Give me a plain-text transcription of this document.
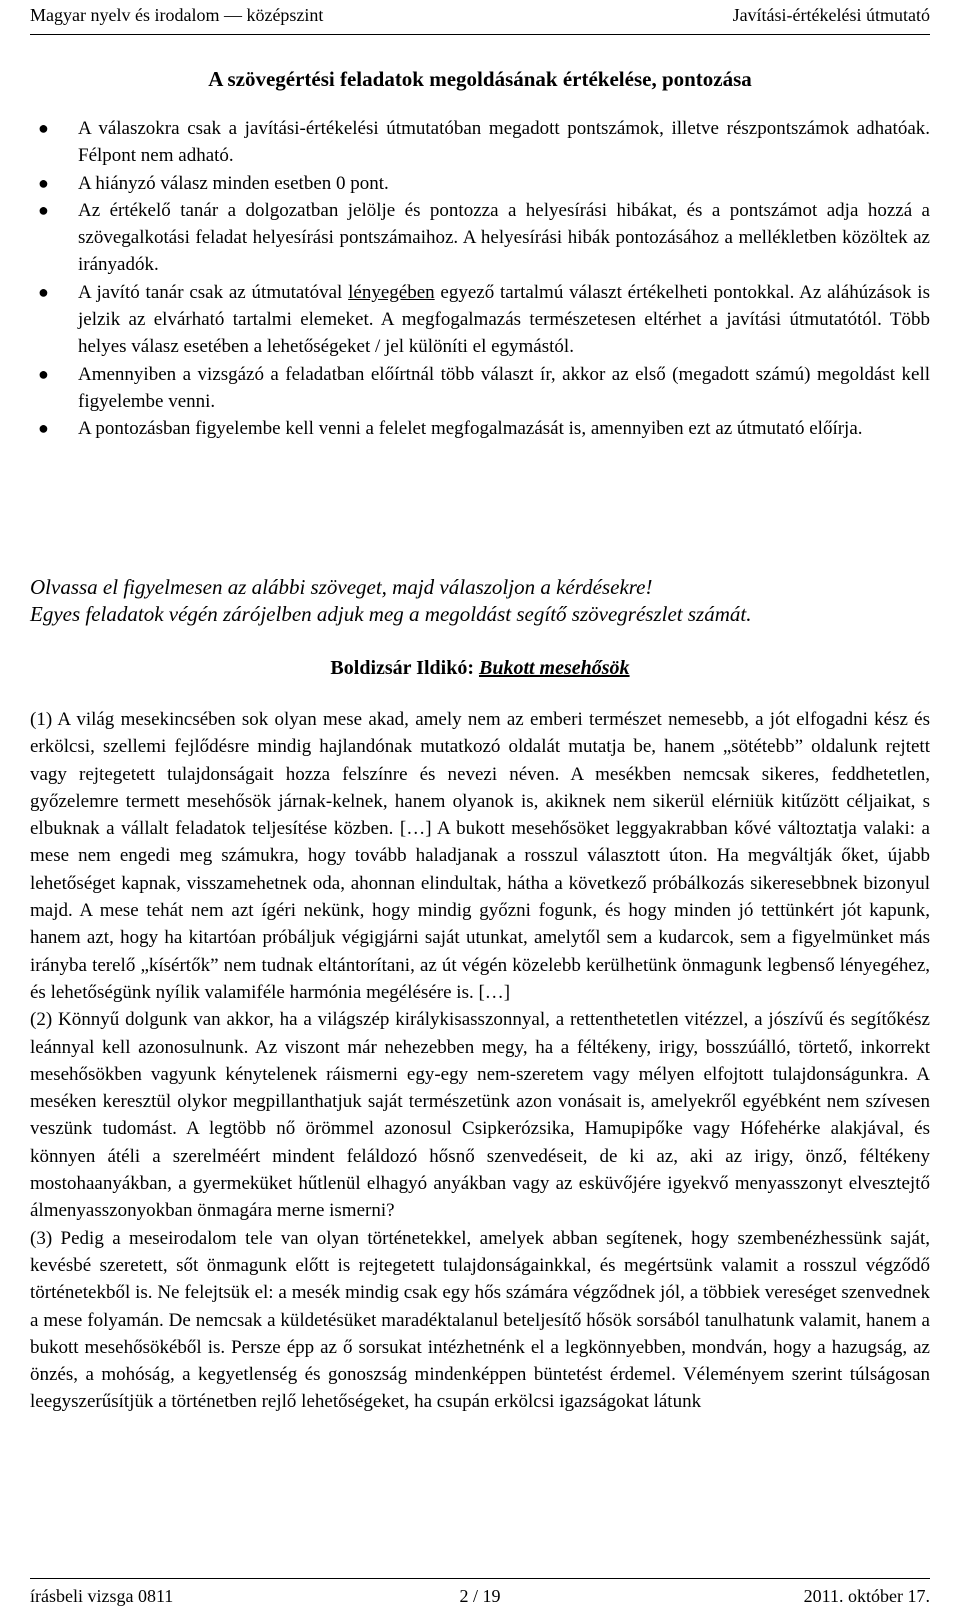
Magyar nyelv és irodalom — középszint	Javítási-értékelési útmutató
A szövegértési feladatok megoldásának értékelése, pontozása
● A válaszokra csak a javítási-értékelési útmutatóban megadott pontszámok, illetve részpontszámok adhatóak. Félpont nem adható.
● A hiányzó válasz minden esetben 0 pont.
● Az értékelő tanár a dolgozatban jelölje és pontozza a helyesírási hibákat, és a pontszámot adja hozzá a szövegalkotási feladat helyesírási pontszámaihoz. A helyesírási hibák pontozásához a mellékletben közöltek az irányadók.
● A javító tanár csak az útmutatóval lényegében egyező tartalmú választ értékelheti pontokkal. Az aláhúzások is jelzik az elvárható tartalmi elemeket. A megfogalmazás természetesen eltérhet a javítási útmutatótól. Több helyes válasz esetében a lehetőségeket / jel különíti el egymástól.
● Amennyiben a vizsgázó a feladatban előírtnál több választ ír, akkor az első (megadott számú) megoldást kell figyelembe venni.
● A pontozásban figyelembe kell venni a felelet megfogalmazását is, amennyiben ezt az útmutató előírja.
Olvassa el figyelmesen az alábbi szöveget, majd válaszoljon a kérdésekre!
Egyes feladatok végén zárójelben adjuk meg a megoldást segítő szövegrészlet számát.
Boldizsár Ildikó: Bukott mesehősök

(1) A világ mesekincsében sok olyan mese akad, amely nem az emberi természet nemesebb, a jót elfogadni kész és erkölcsi, szellemi fejlődésre mindig hajlandónak mutatkozó oldalát mutatja be, hanem „sötétebb” oldalunk rejtett vagy rejtegetett tulajdonságait hozza felszínre és nevezi néven. A mesékben nemcsak sikeres, feddhetetlen, győzelemre termett mesehősök járnak-kelnek, hanem olyanok is, akiknek nem sikerül elérniük kitűzött céljaikat, s elbuknak a vállalt feladatok teljesítése közben. […] A bukott mesehősöket leggyakrabban kővé változtatja valaki: a mese nem engedi meg számukra, hogy tovább haladjanak a rosszul választott úton. Ha megváltják őket, újabb lehetőséget kapnak, visszamehetnek oda, ahonnan elindultak, hátha a következő próbálkozás sikeresebbnek bizonyul majd. A mese tehát nem azt ígéri nekünk, hogy mindig győzni fogunk, és hogy minden jó tettünkért jót kapunk, hanem azt, hogy ha kitartóan próbáljuk végigjárni saját utunkat, amelytől sem a kudarcok, sem a figyelmünket más irányba terelő „kísértők” nem tudnak eltántorítani, az út végén közelebb kerülhetünk önmagunk legbenső lényegéhez, és lehetőségünk nyílik valamiféle harmónia megélésére is. […]

(2) Könnyű dolgunk van akkor, ha a világszép királykisasszonnyal, a rettenthetetlen vitézzel, a jószívű és segítőkész leánnyal kell azonosulnunk. Az viszont már nehezebben megy, ha a féltékeny, irigy, bosszúálló, törtető, inkorrekt mesehősökben vagyunk kénytelenek ráismerni egy-egy nem-szeretem vagy mélyen elfojtott tulajdonságunkra. A meséken keresztül olykor megpillanthatjuk saját természetünk azon vonásait is, amelyekről egyébként nem szívesen veszünk tudomást. A legtöbb nő örömmel azonosul Csipkerózsika, Hamupipőke vagy Hófehérke alakjával, és könnyen átéli a szerelméért mindent feláldozó hősnő szenvedéseit, de ki az, aki az irigy, önző, féltékeny mostohaanyákban, a gyermeküket hűtlenül elhagyó anyákban vagy az esküvőjére igyekvő menyasszonyt elvesztejtő álmenyasszonyokban önmagára merne ismerni?

(3) Pedig a meseirodalom tele van olyan történetekkel, amelyek abban segítenek, hogy szembenézhessünk saját, kevésbé szeretett, sőt önmagunk előtt is rejtegetett tulajdonságainkkal, és megértsünk valamit a rosszul végződő történetekből is. Ne felejtsük el: a mesék mindig csak egy hős számára végződnek jól, a többiek vereséget szenvednek a mese folyamán. De nemcsak a küldetésüket maradéktalanul beteljesítő hősök sorsából tanulhatunk valamit, hanem a bukott mesehősökéből is. Persze épp az ő sorsukat intézhetnénk el a legkönnyebben, mondván, hogy a hazugság, az önzés, a mohóság, a kegyetlenség és gonoszság mindenképpen büntetést érdemel. Véleményem szerint túlságosan leegyszerűsítjük a történetben rejlő lehetőségeket, ha csupán erkölcsi igazságokat látunk

írásbeli vizsga 0811	2 / 19	2011. október 17.
